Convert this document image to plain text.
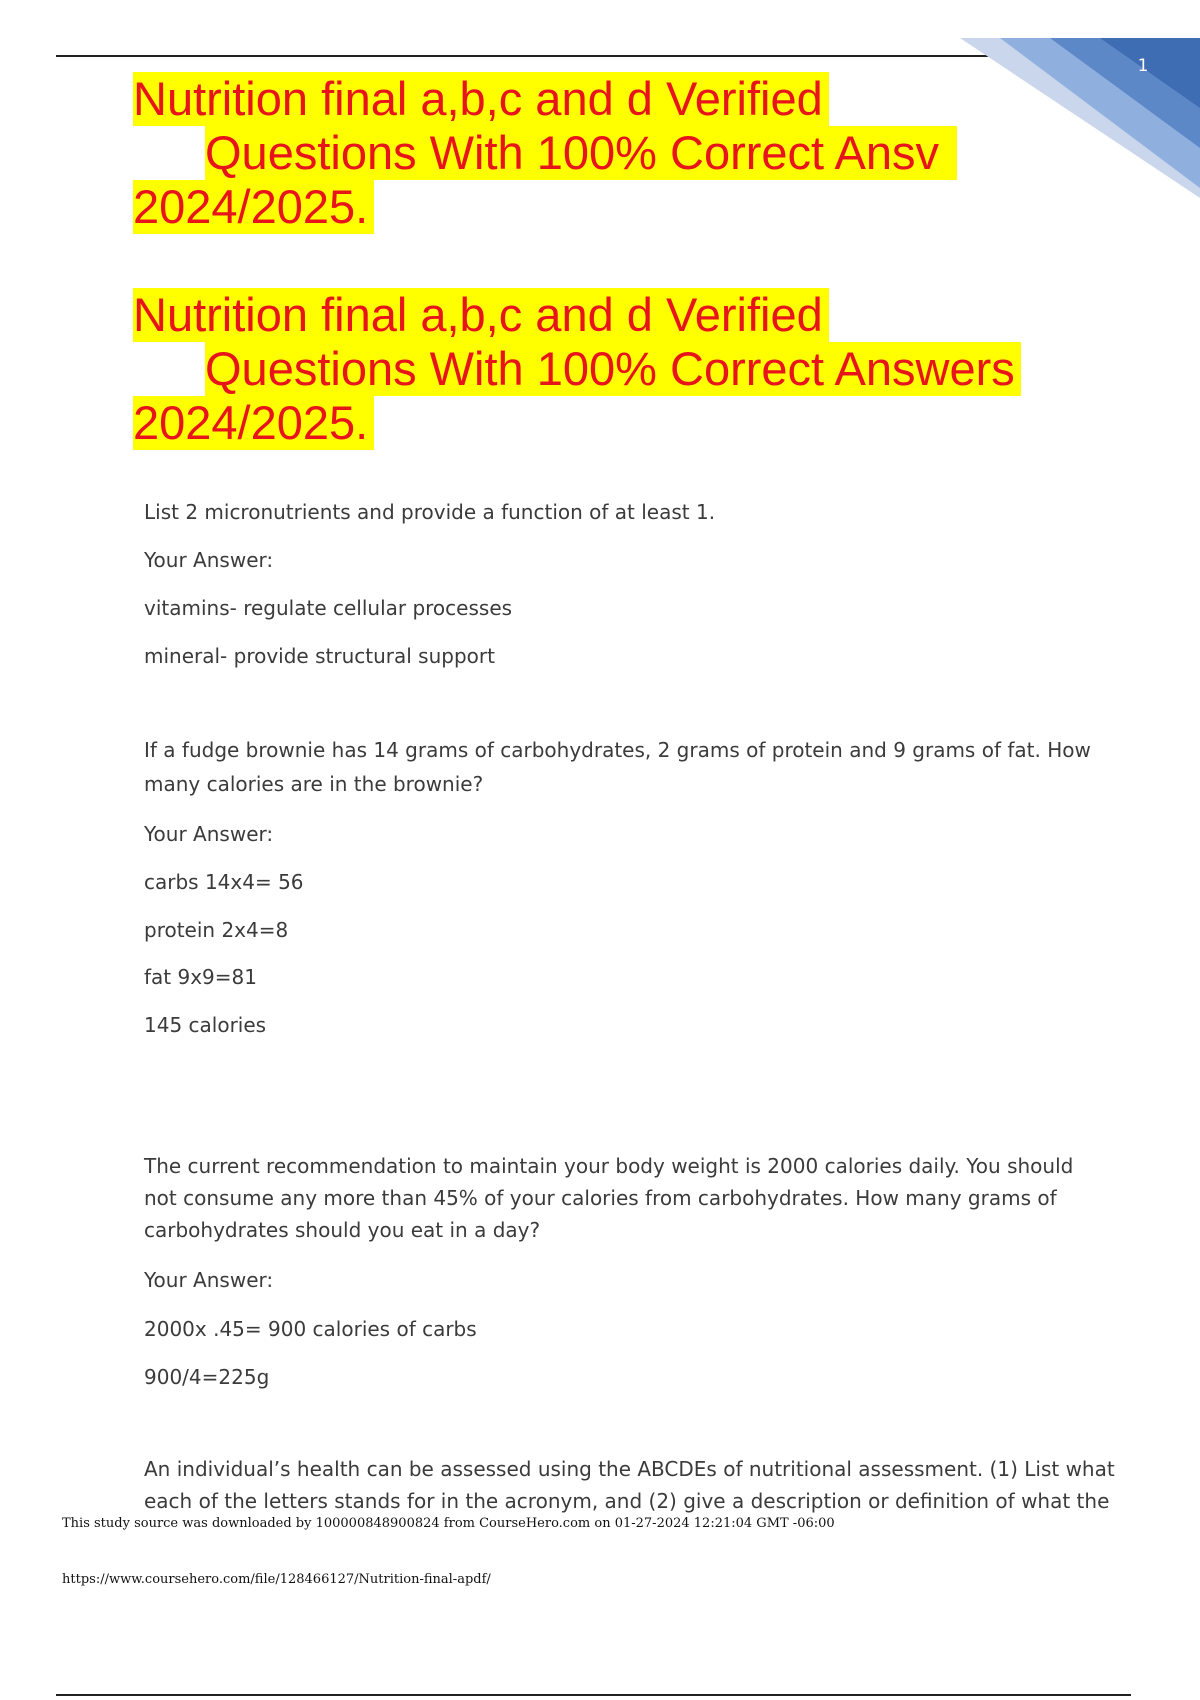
1
Nutrition final a,b,c and d Verified
Questions With 100% Correct Ansv
2024/2025.
Nutrition final a,b,c and d Verified
Questions With 100% Correct Answers
2024/2025.
List 2 micronutrients and provide a function of at least 1.
Your Answer:
vitamins- regulate cellular processes
mineral- provide structural support
If a fudge brownie has 14 grams of carbohydrates, 2 grams of protein and 9 grams of fat. How
many calories are in the brownie?
Your Answer:
carbs 14x4= 56
protein 2x4=8
fat 9x9=81
145 calories
The current recommendation to maintain your body weight is 2000 calories daily. You should
not consume any more than 45% of your calories from carbohydrates. How many grams of
carbohydrates should you eat in a day?
Your Answer:
2000x .45= 900 calories of carbs
900/4=225g
An individual’s health can be assessed using the ABCDEs of nutritional assessment. (1) List what
each of the letters stands for in the acronym, and (2) give a description or definition of what the
This study source was downloaded by 100000848900824 from CourseHero.com on 01-27-2024 12:21:04 GMT -06:00
https://www.coursehero.com/file/128466127/Nutrition-final-apdf/
